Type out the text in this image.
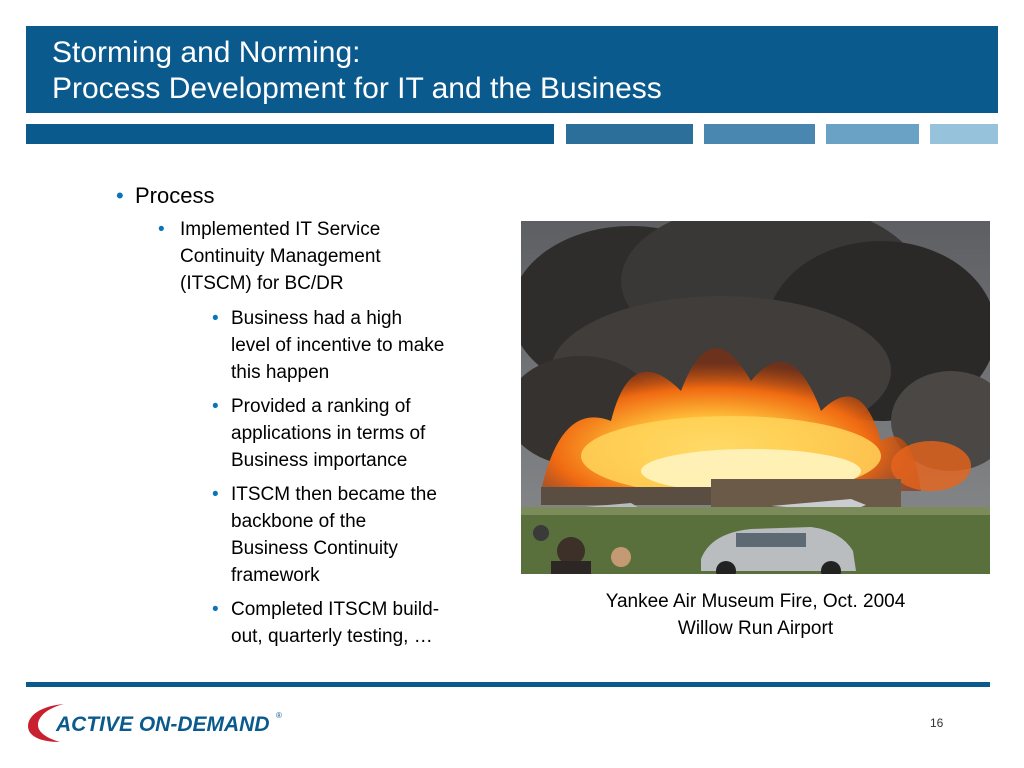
Storming and Norming:
Process Development for IT and the Business
• Process
• Implemented IT Service
Continuity Management
(ITSCM) for BC/DR
• Business had a high
level of incentive to make
this happen
• Provided a ranking of
applications in terms of
Business importance
• ITSCM then became the
backbone of the
Business Continuity
framework
• Completed ITSCM build-
out, quarterly testing, …
Yankee Air Museum Fire, Oct. 2004
Willow Run Airport
ACTIVE ON-DEMAND ®
16
